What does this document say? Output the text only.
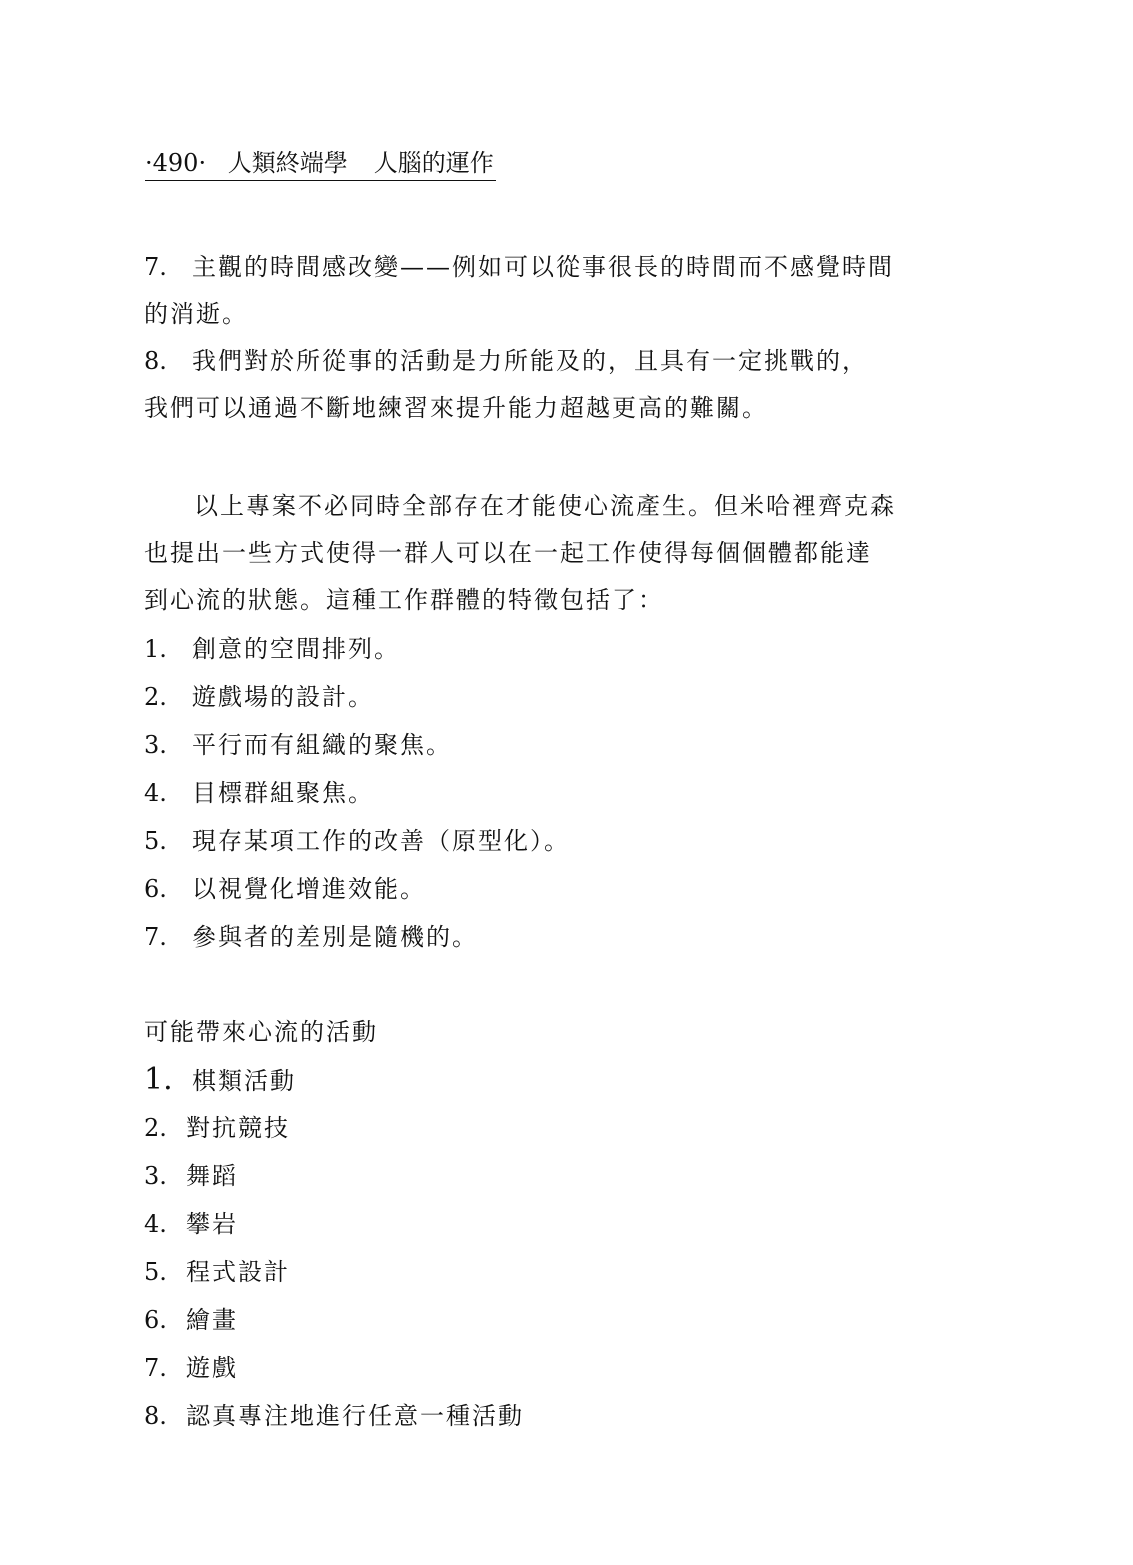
·490· 人類終端學 人腦的運作
7. 主觀的時間感改變——例如可以從事很長的時間而不感覺時間
的消逝。
8. 我們對於所從事的活動是力所能及的，且具有一定挑戰的，
我們可以通過不斷地練習來提升能力超越更高的難關。
以上專案不必同時全部存在才能使心流產生。但米哈裡齊克森
也提出一些方式使得一群人可以在一起工作使得每個個體都能達
到心流的狀態。這種工作群體的特徵包括了：
1. 創意的空間排列。
2. 遊戲場的設計。
3. 平行而有組織的聚焦。
4. 目標群組聚焦。
5. 現存某項工作的改善（原型化）。
6. 以視覺化增進效能。
7. 參與者的差別是隨機的。
可能帶來心流的活動
1. 棋類活動
2. 對抗競技
3. 舞蹈
4. 攀岩
5. 程式設計
6. 繪畫
7. 遊戲
8. 認真專注地進行任意一種活動
